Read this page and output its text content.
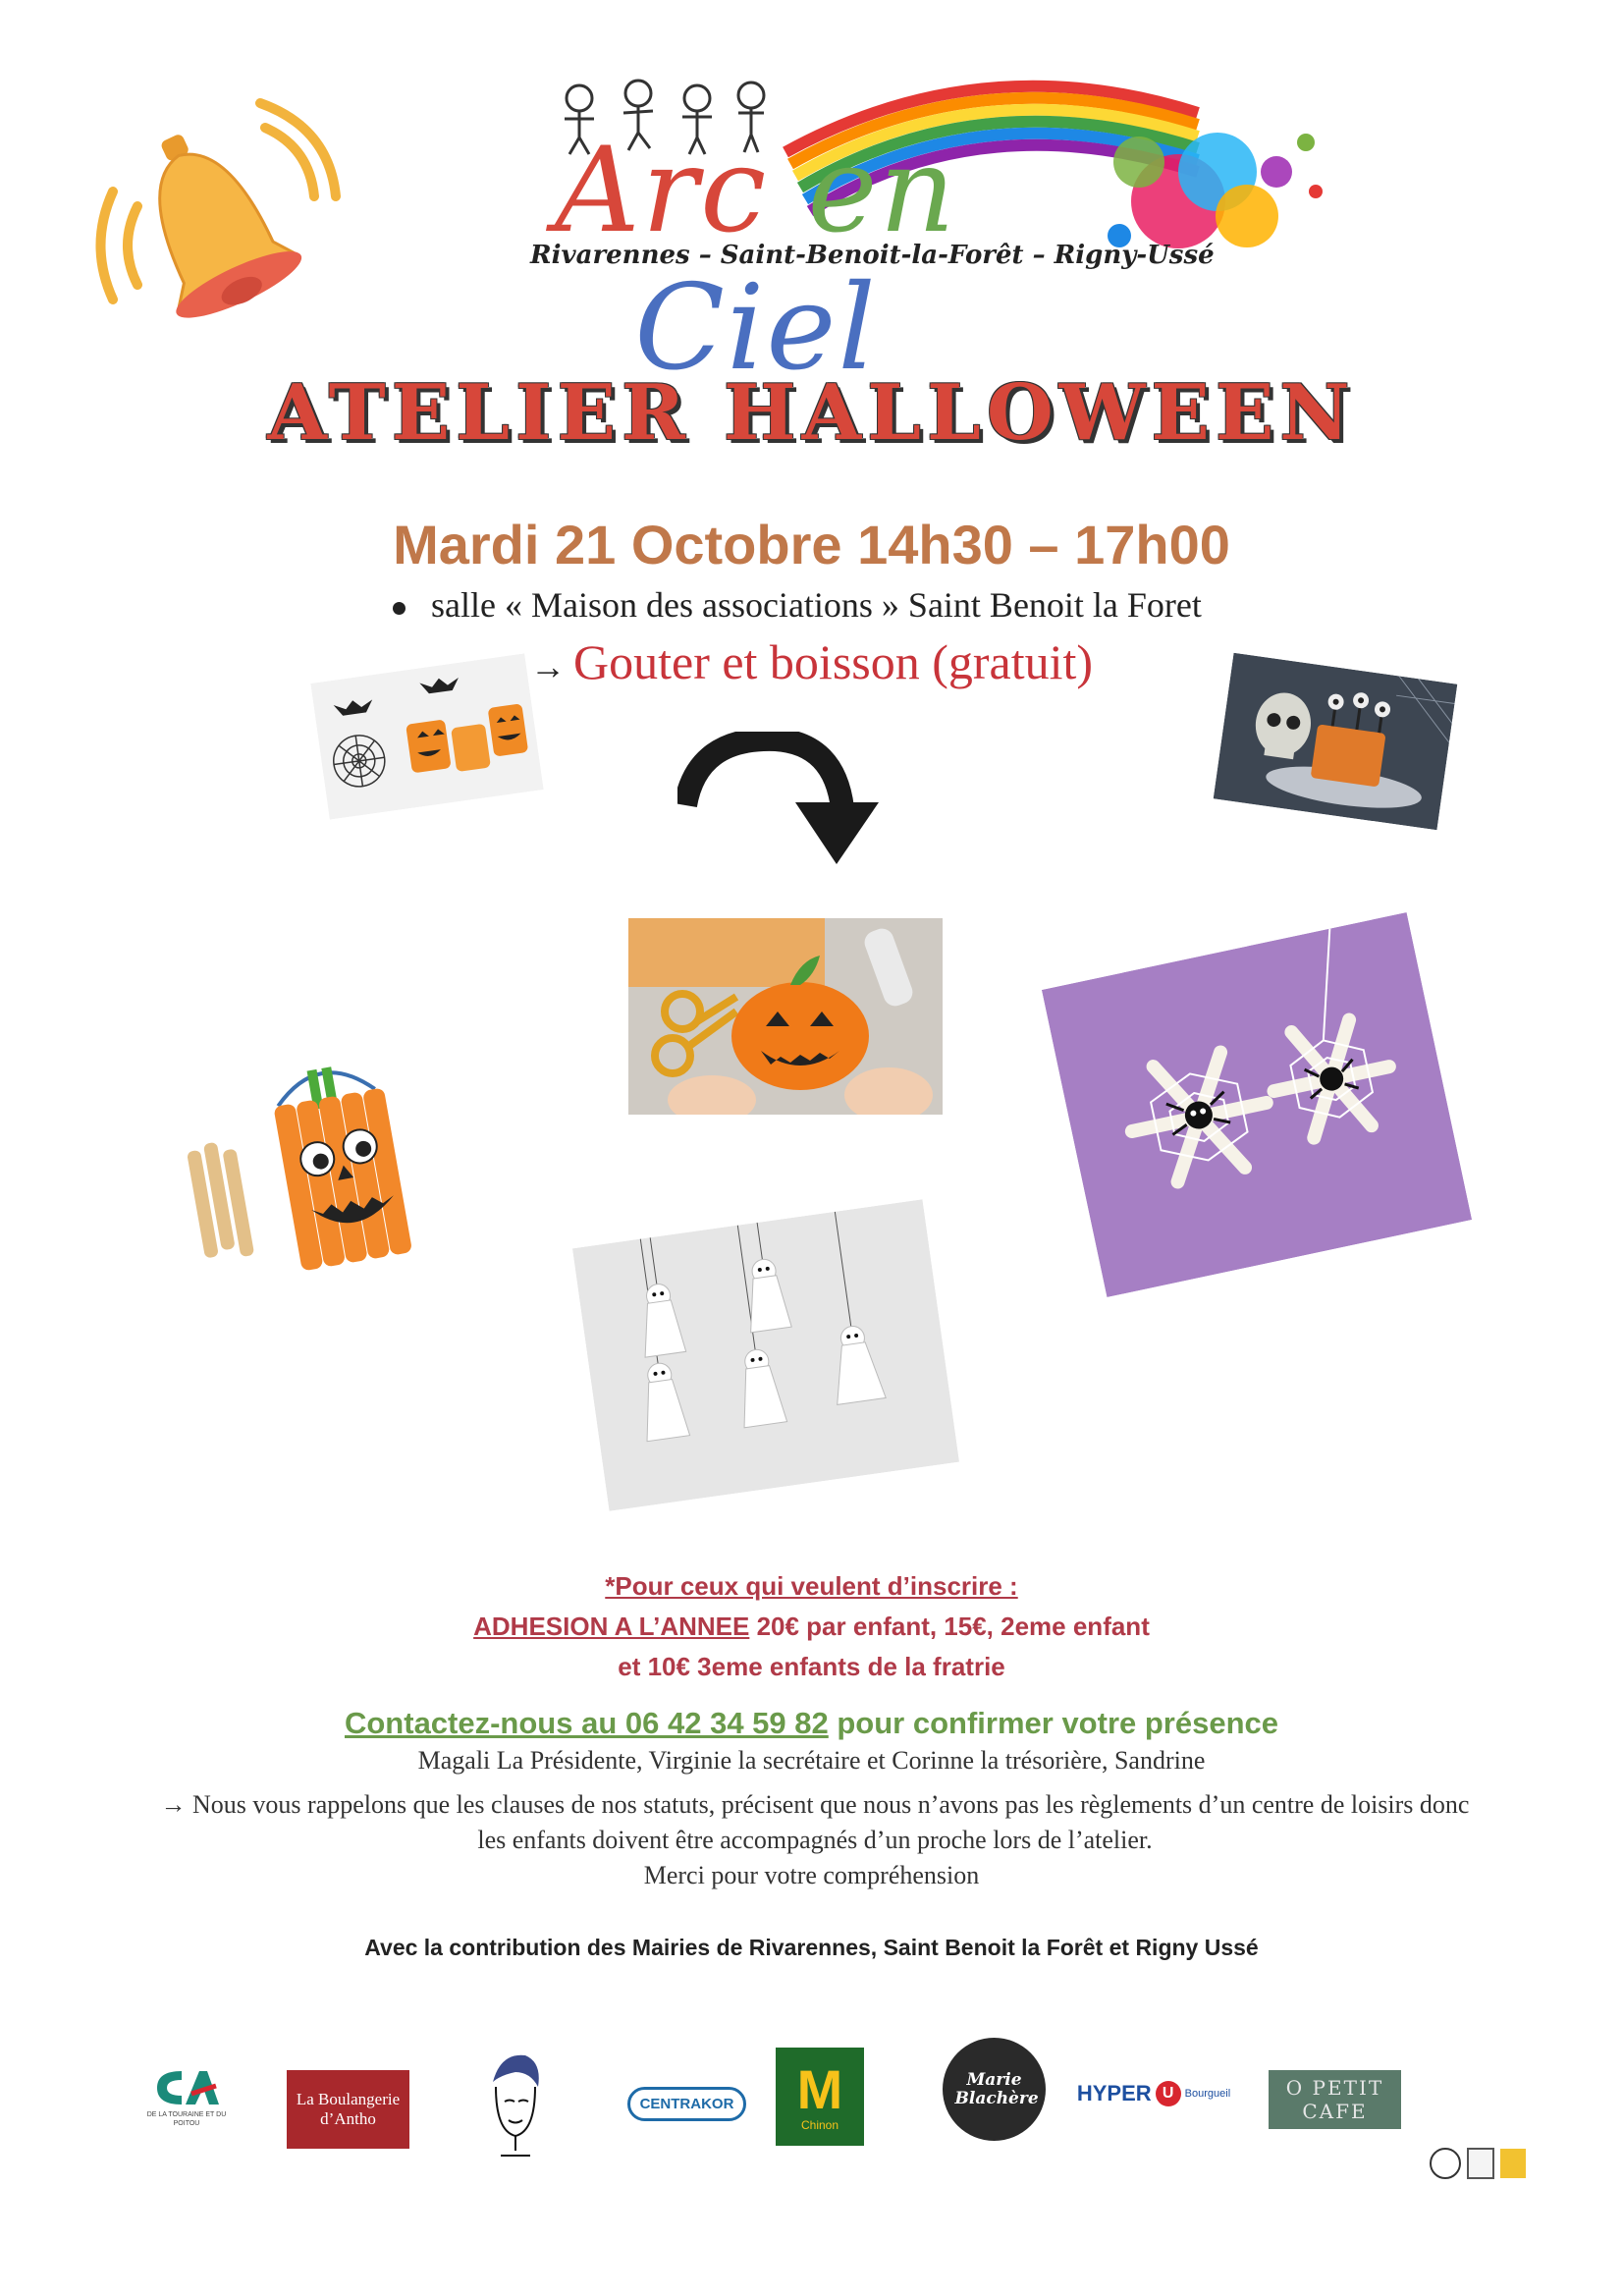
Arc en Ciel
Rivarennes – Saint-Benoit-la-Forêt – Rigny-Ussé
ATELIER HALLOWEEN
Mardi 21 Octobre 14h30 – 17h00
salle « Maison des associations » Saint Benoit la Foret
→ Gouter et boisson (gratuit)
*Pour ceux qui veulent d’inscrire :
ADHESION A L’ANNEE 20€ par enfant, 15€, 2eme enfant
et 10€ 3eme enfants de la fratrie
Contactez-nous au 06 42 34 59 82 pour confirmer votre présence
Magali La Présidente, Virginie la secrétaire et Corinne la trésorière, Sandrine
→ Nous vous rappelons que les clauses de nos statuts, précisent que nous n’avons pas les règlements d’un centre de loisirs donc les enfants doivent être accompagnés d’un proche lors de l’atelier.
Merci pour votre compréhension
Avec la contribution des Mairies de Rivarennes, Saint Benoit la Forêt et Rigny Ussé
DE LA TOURAINE ET DU POITOU
La Boulangerie d’Antho
CENTRAKOR M
Chinon
Marie Blachère HYPER U	Bourgueil	O PETIT CAFE
